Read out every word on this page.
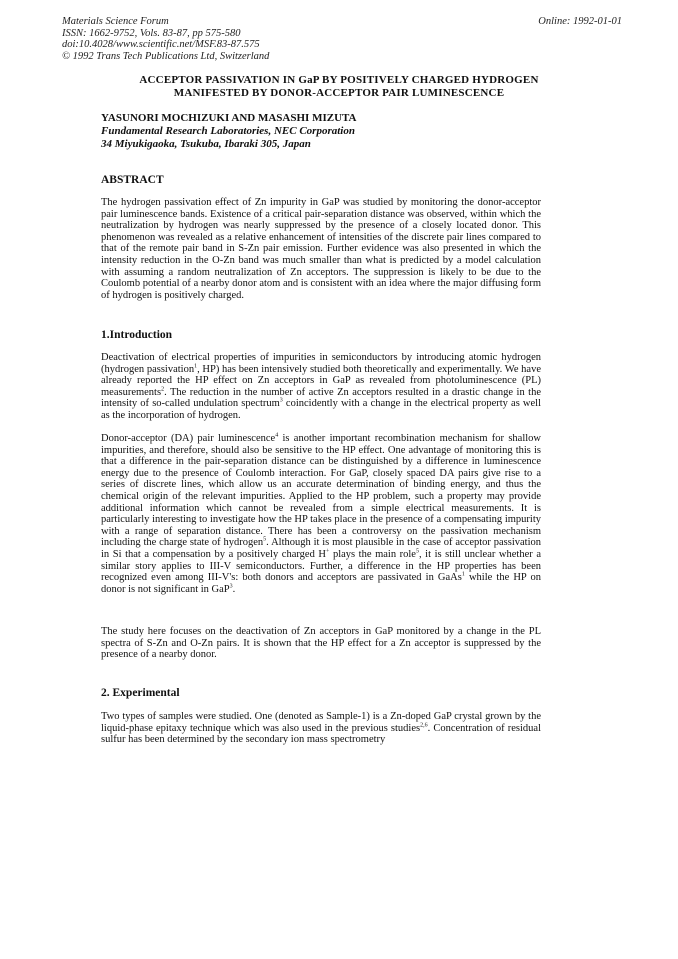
Materials Science Forum
ISSN: 1662-9752, Vols. 83-87, pp 575-580
doi:10.4028/www.scientific.net/MSF.83-87.575
© 1992 Trans Tech Publications Ltd, Switzerland
Online: 1992-01-01
ACCEPTOR PASSIVATION IN GaP BY POSITIVELY CHARGED HYDROGEN
MANIFESTED BY DONOR-ACCEPTOR PAIR LUMINESCENCE
YASUNORI MOCHIZUKI AND MASASHI MIZUTA
Fundamental Research Laboratories, NEC Corporation
34 Miyukigaoka, Tsukuba, Ibaraki 305, Japan
ABSTRACT
The hydrogen passivation effect of Zn impurity in GaP was studied by monitoring the donor-acceptor pair luminescence bands. Existence of a critical pair-separation distance was observed, within which the neutralization by hydrogen was nearly suppressed by the presence of a closely located donor. This phenomenon was revealed as a relative enhancement of intensities of the discrete pair lines compared to that of the remote pair band in S-Zn pair emission. Further evidence was also presented in which the intensity reduction in the O-Zn band was much smaller than what is predicted by a model calculation with assuming a random neutralization of Zn acceptors. The suppression is likely to be due to the Coulomb potential of a nearby donor atom and is consistent with an idea where the major diffusing form of hydrogen is positively charged.
1.Introduction
Deactivation of electrical properties of impurities in semiconductors by introducing atomic hydrogen (hydrogen passivation$^1$, HP) has been intensively studied both theoretically and experimentally. We have already reported the HP effect on Zn acceptors in GaP as revealed from photoluminescence (PL) measurements$^2$. The reduction in the number of active Zn acceptors resulted in a drastic change in the intensity of so-called undulation spectrum$^3$ coincidently with a change in the electrical property as well as the incorporation of hydrogen.
Donor-acceptor (DA) pair luminescence$^4$ is another important recombination mechanism for shallow impurities, and therefore, should also be sensitive to the HP effect. One advantage of monitoring this is that a difference in the pair-separation distance can be distinguished by a difference in luminescence energy due to the presence of Coulomb interaction. For GaP, closely spaced DA pairs give rise to a series of discrete lines, which allow us an accurate determination of binding energy, and thus the chemical origin of the relevant impurities. Applied to the HP problem, such a property may provide additional information which cannot be revealed from a simple electrical measurements. It is particularly interesting to investigate how the HP takes place in the presence of a compensating impurity with a range of separation distance. There has been a controversy on the passivation mechanism including the charge state of hydrogen$^5$. Although it is most plausible in the case of acceptor passivation in Si that a compensation by a positively charged H+ plays the main role$^5$, it is still unclear whether a similar story applies to III-V semiconductors. Further, a difference in the HP properties has been recognized even among III-V's: both donors and acceptors are passivated in GaAs$^1$ while the HP on donor is not significant in GaP$^3$.
The study here focuses on the deactivation of Zn acceptors in GaP monitored by a change in the PL spectra of S-Zn and O-Zn pairs. It is shown that the HP effect for a Zn acceptor is suppressed by the presence of a nearby donor.
2. Experimental
Two types of samples were studied. One (denoted as Sample-1) is a Zn-doped GaP crystal grown by the liquid-phase epitaxy technique which was also used in the previous studies$^{2,6}$. Concentration of residual sulfur has been determined by the secondary ion mass spectrometry
